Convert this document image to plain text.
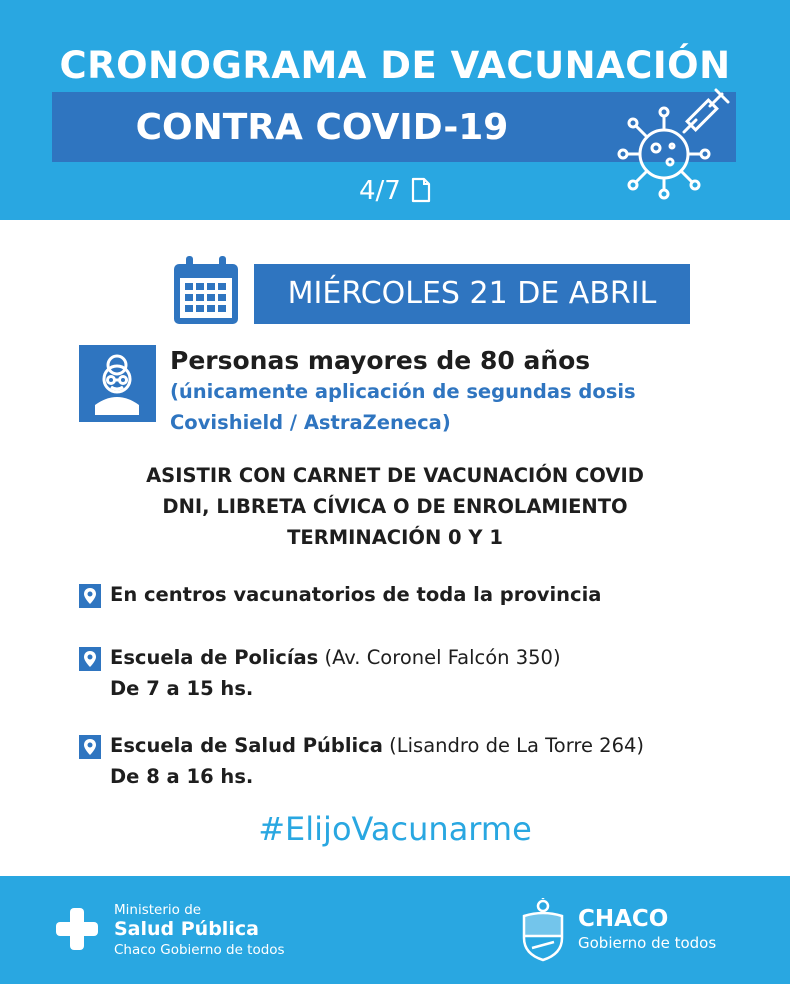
CRONOGRAMA DE VACUNACIÓN
CONTRA COVID-19
4/7
MIÉRCOLES 21 DE ABRIL
Personas mayores de 80 años
(únicamente aplicación de segundas dosis
Covishield / AstraZeneca)
ASISTIR CON CARNET DE VACUNACIÓN COVID
DNI, LIBRETA CÍVICA O DE ENROLAMIENTO
TERMINACIÓN 0 Y 1
En centros vacunatorios de toda la provincia
Escuela de Policías (Av. Coronel Falcón 350)
De 7 a 15 hs.
Escuela de Salud Pública (Lisandro de La Torre 264)
De 8 a 16 hs.
#ElijoVacunarme
Ministerio de
Salud Pública
Chaco Gobierno de todos
CHACO
Gobierno de todos
